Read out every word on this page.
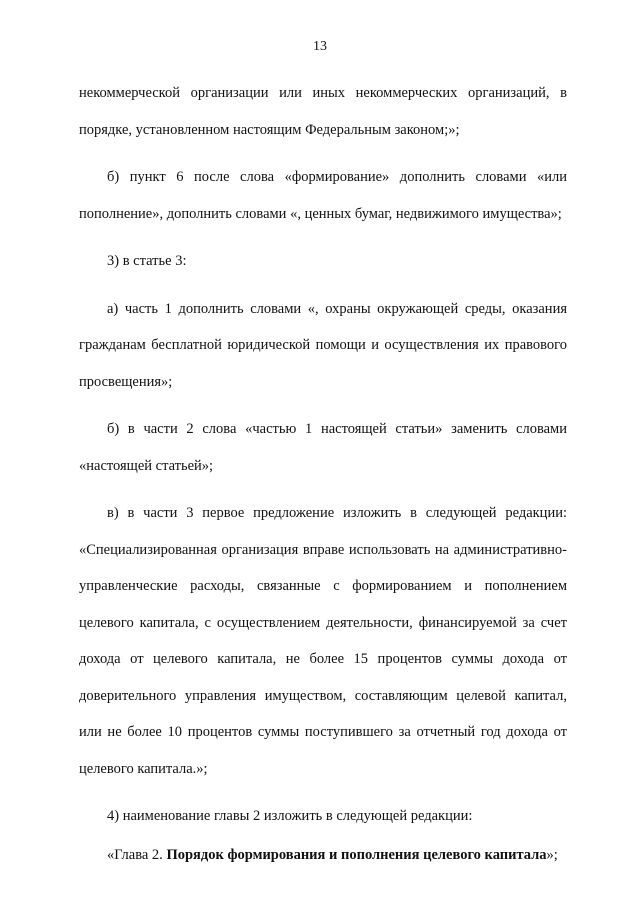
13

некоммерческой организации или иных некоммерческих организаций, в порядке, установленном настоящим Федеральным законом;»;

б) пункт 6 после слова «формирование» дополнить словами «или пополнение», дополнить словами «, ценных бумаг, недвижимого имущества»;

3) в статье 3:

а) часть 1 дополнить словами «, охраны окружающей среды, оказания гражданам бесплатной юридической помощи и осуществления их правового просвещения»;

б) в части 2 слова «частью 1 настоящей статьи» заменить словами «настоящей статьей»;

в) в части 3 первое предложение изложить в следующей редакции: «Специализированная организация вправе использовать на административно-управленческие расходы, связанные с формированием и пополнением целевого капитала, с осуществлением деятельности, финансируемой за счет дохода от целевого капитала, не более 15 процентов суммы дохода от доверительного управления имуществом, составляющим целевой капитал, или не более 10 процентов суммы поступившего за отчетный год дохода от целевого капитала.»;

4) наименование главы 2 изложить в следующей редакции:

«Глава 2. Порядок формирования и пополнения целевого капитала»;
